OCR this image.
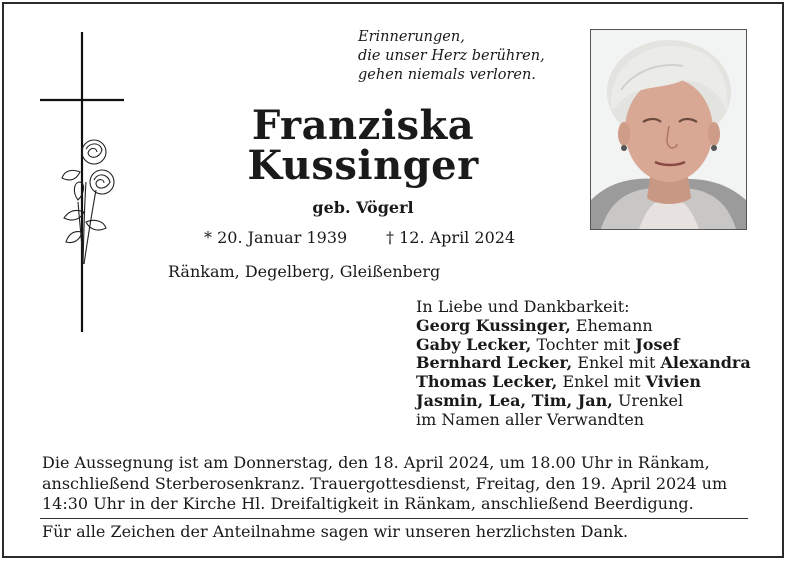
Erinnerungen,
die unser Herz berühren,
gehen niemals verloren.
Franziska
Kussinger
geb. Vögerl
* 20. Januar 1939 † 12. April 2024
Ränkam, Degelberg, Gleißenberg
In Liebe und Dankbarkeit:
Georg Kussinger, Ehemann
Gaby Lecker, Tochter mit Josef
Bernhard Lecker, Enkel mit Alexandra
Thomas Lecker, Enkel mit Vivien
Jasmin, Lea, Tim, Jan, Urenkel
im Namen aller Verwandten
Die Aussegnung ist am Donnerstag, den 18. April 2024, um 18.00 Uhr in Ränkam,
anschließend Sterberosenkranz. Trauergottesdienst, Freitag, den 19. April 2024 um
14:30 Uhr in der Kirche Hl. Dreifaltigkeit in Ränkam, anschließend Beerdigung.
Für alle Zeichen der Anteilnahme sagen wir unseren herzlichsten Dank.
